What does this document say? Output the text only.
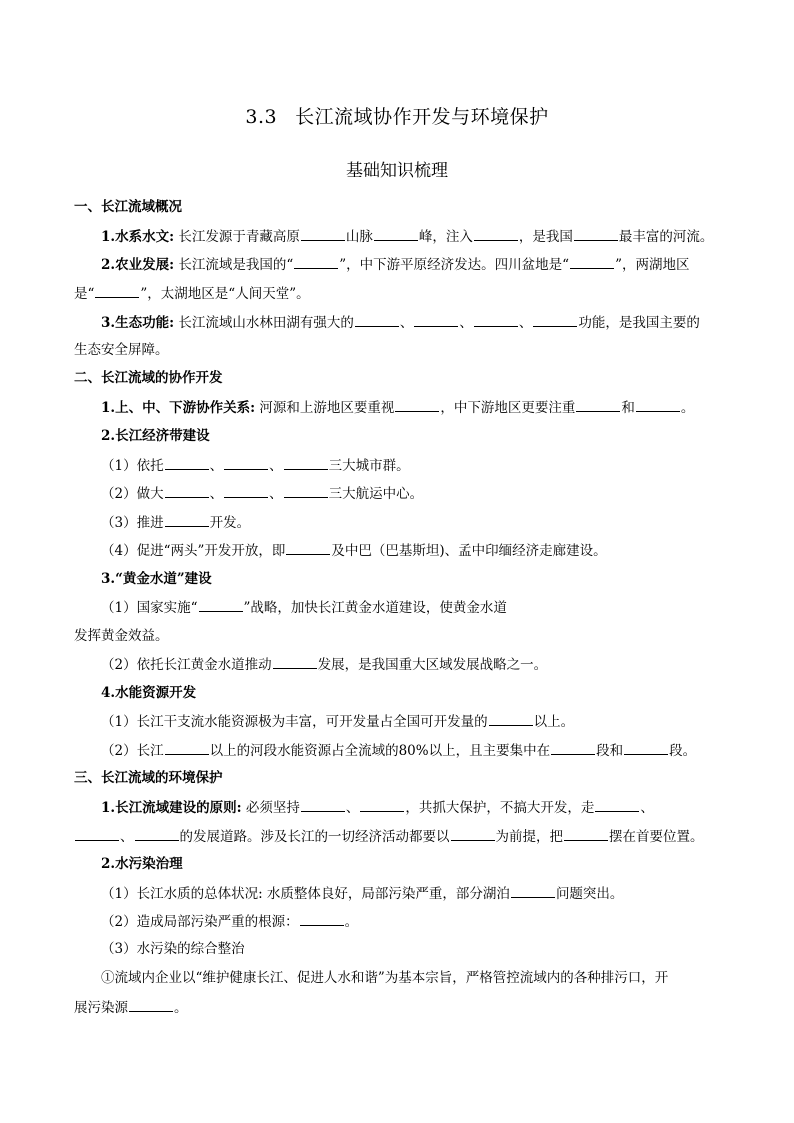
3.3 长江流域协作开发与环境保护
基础知识梳理
一、长江流域概况
1.水系水文: 长江发源于青藏高原	山脉	峰，注入	，是我国	最丰富的河流。
2.农业发展: 长江流域是我国的“	”，中下游平原经济发达。四川盆地是“	”，两湖地区
是“	”，太湖地区是“人间天堂”。
3.生态功能: 长江流域山水林田湖有强大的	、	、	、	功能，是我国主要的
生态安全屏障。
二、长江流域的协作开发
1.上、中、下游协作关系: 河源和上游地区要重视	，中下游地区更要注重	和	。
2.长江经济带建设
（1）依托	、	、	三大城市群。
（2）做大	、	、	三大航运中心。
（3）推进	开发。
（4）促进“两头”开发开放，即	及中巴（巴基斯坦)、孟中印缅经济走廊建设。
3.“黄金水道”建设
（1）国家实施“	”战略，加快长江黄金水道建设，使黄金水道
发挥黄金效益。
（2）依托长江黄金水道推动	发展，是我国重大区域发展战略之一。
4.水能资源开发
（1）长江干支流水能资源极为丰富，可开发量占全国可开发量的	以上。
（2）长江	以上的河段水能资源占全流域的80%以上，且主要集中在	段和	段。
三、长江流域的环境保护
1.长江流域建设的原则: 必须坚持	、	，共抓大保护，不搞大开发，走	、
、	的发展道路。涉及长江的一切经济活动都要以	为前提，把	摆在首要位置。
2.水污染治理
（1）长江水质的总体状况: 水质整体良好，局部污染严重，部分湖泊	问题突出。
（2）造成局部污染严重的根源：	。
（3）水污染的综合整治
①流域内企业以“维护健康长江、促进人水和谐”为基本宗旨，严格管控流域内的各种排污口，开
展污染源	。
